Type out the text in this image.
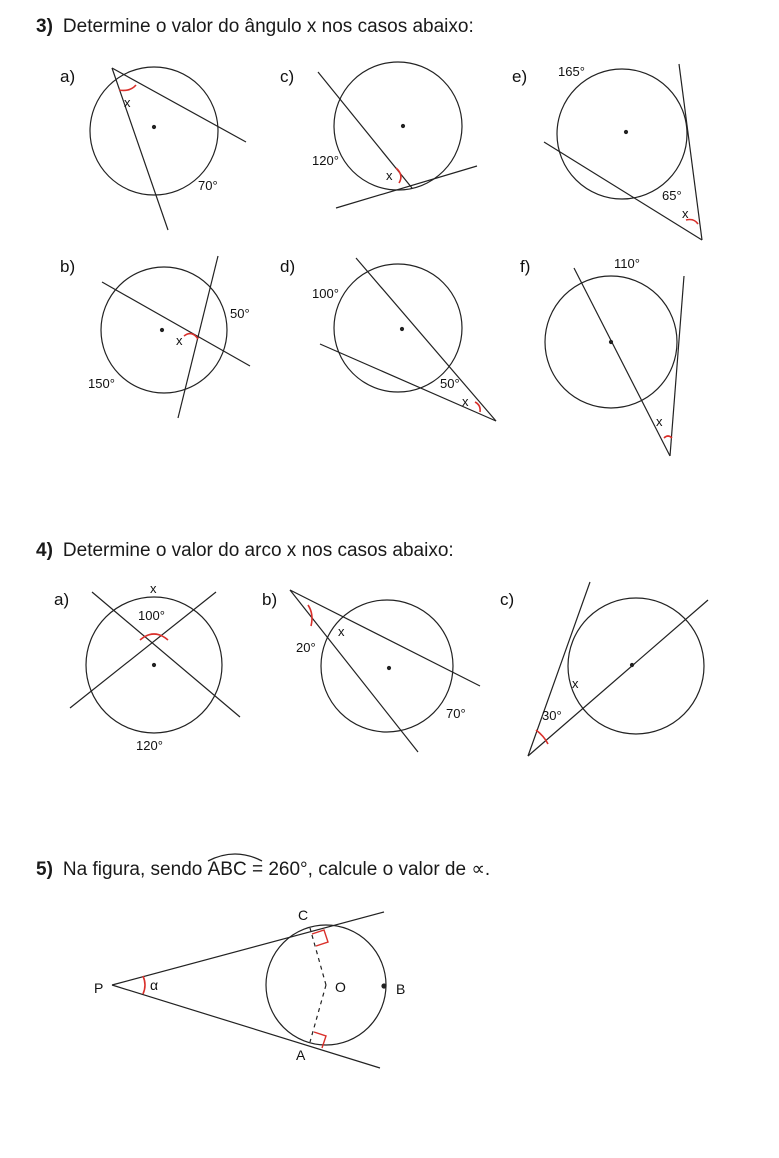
3) Determine o valor do ângulo x nos casos abaixo:
a)
x
70°
c)
120°
x
e) 165°
65°
x
b)
50°
x
150°
d)
100°
50°
x
f)	110°
x
a)
x
100°
120°
b)
x
20°
70°
c)
x
30°
C
P	α	O	B
A
4) Determine o valor do arco x nos casos abaixo:
5) Na figura, sendo ABC = 260°, calcule o valor de ∝.
